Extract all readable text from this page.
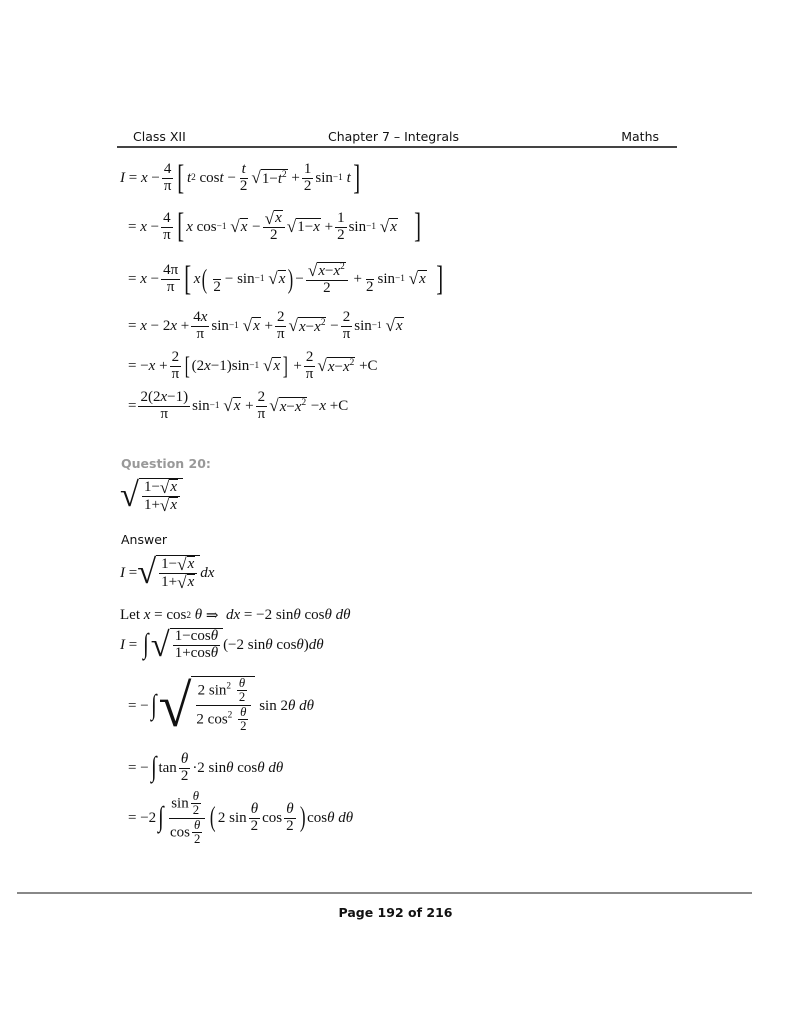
Class XII	Chapter 7 – Integrals	Maths
$I = x - \frac{4}{\pi}$ [ t 2 $\cos t - \frac{t}{2}$ √ $1-t^2 + \frac{1}{2}$ sin −1
t ]
= $x - \frac{4}{\pi}$ [ x cos −1
√ $x - \frac{√ x}{2}$ √ $1-x + \frac{1}{2}$ sin −1
√ x ]
= $x - \frac{4\pi}{\pi}$ [ x (
2 − sin −1
√ x ) − $\frac{√ x-x^2}{2}$ +
2 sin −1
√ x ]
= x − 2 $x + \frac{4x}{\pi}$ sin −1
√ $x + \frac{2}{\pi}$ √ $x-x^2 - \frac{2}{\pi}$ sin −1
√ x
= − $x + \frac{2}{\pi}$ [ (2 x −1)sin −1
√ x ] + $\frac{2}{\pi}$ √ $x-x^2 +C$
= $\frac{2(2x-1)}{\pi}$ sin −1
√ $x + \frac{2}{\pi}$ √ $x-x^2 - x +C$
Question 20:
√ $\frac{1- √ x}{1+ √ x}$
Answer
I = √ $\frac{1- √ x}{1+ √ x}$ dx
Let x = cos 2
θ ⇒ dx = −2 sin θ cos θ
dθ
I = ∫ √ $\frac{1-\cos\theta}{1+\cos\theta} (-2$ sin θ cos θ ) dθ
= − ∫ √ $\frac{2 \sin^2 \frac{\theta}{2}}{2 \cos^2 \frac{\theta}{2}}$ sin 2 θ
dθ
= − ∫ $\tan \frac{\theta}{2} \cdot 2$ sin θ cos θ
dθ
= −2 ∫ $\frac{\sin \frac{\theta}{2}}{\cos \frac{\theta}{2}}$ ( 2 $\sin \frac{\theta}{2}$ $\cos \frac{\theta}{2}$ ) cos θ
dθ
Page 192 of 216
